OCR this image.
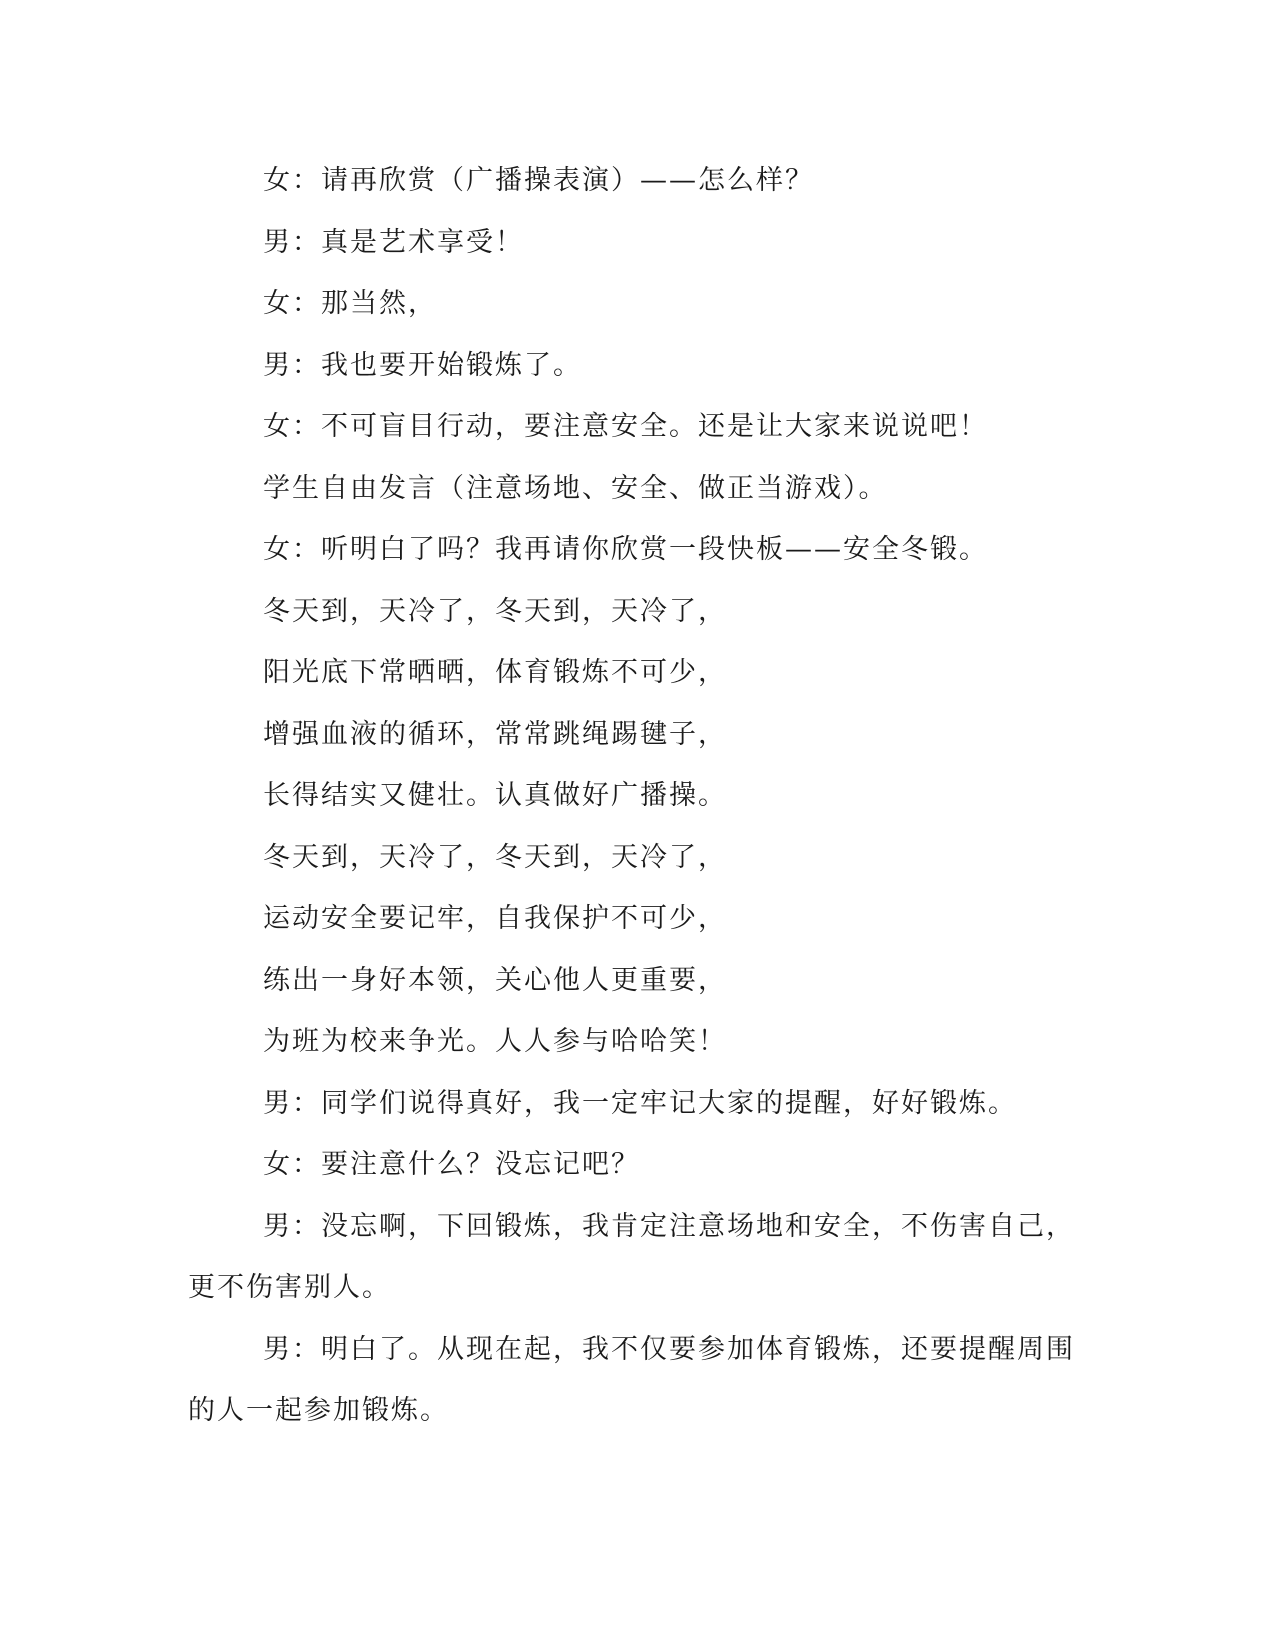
女：请再欣赏（广播操表演）——怎么样？
男：真是艺术享受！
女：那当然，
男：我也要开始锻炼了。
女：不可盲目行动，要注意安全。还是让大家来说说吧！
学生自由发言（注意场地、安全、做正当游戏）。
女：听明白了吗？我再请你欣赏一段快板——安全冬锻。
冬天到，天冷了，冬天到，天冷了，
阳光底下常晒晒，体育锻炼不可少，
增强血液的循环，常常跳绳踢毽子，
长得结实又健壮。认真做好广播操。
冬天到，天冷了，冬天到，天冷了，
运动安全要记牢，自我保护不可少，
练出一身好本领，关心他人更重要，
为班为校来争光。人人参与哈哈笑！
男：同学们说得真好，我一定牢记大家的提醒，好好锻炼。
女：要注意什么？没忘记吧？
男：没忘啊，下回锻炼，我肯定注意场地和安全，不伤害自己，
更不伤害别人。
男：明白了。从现在起，我不仅要参加体育锻炼，还要提醒周围
的人一起参加锻炼。
